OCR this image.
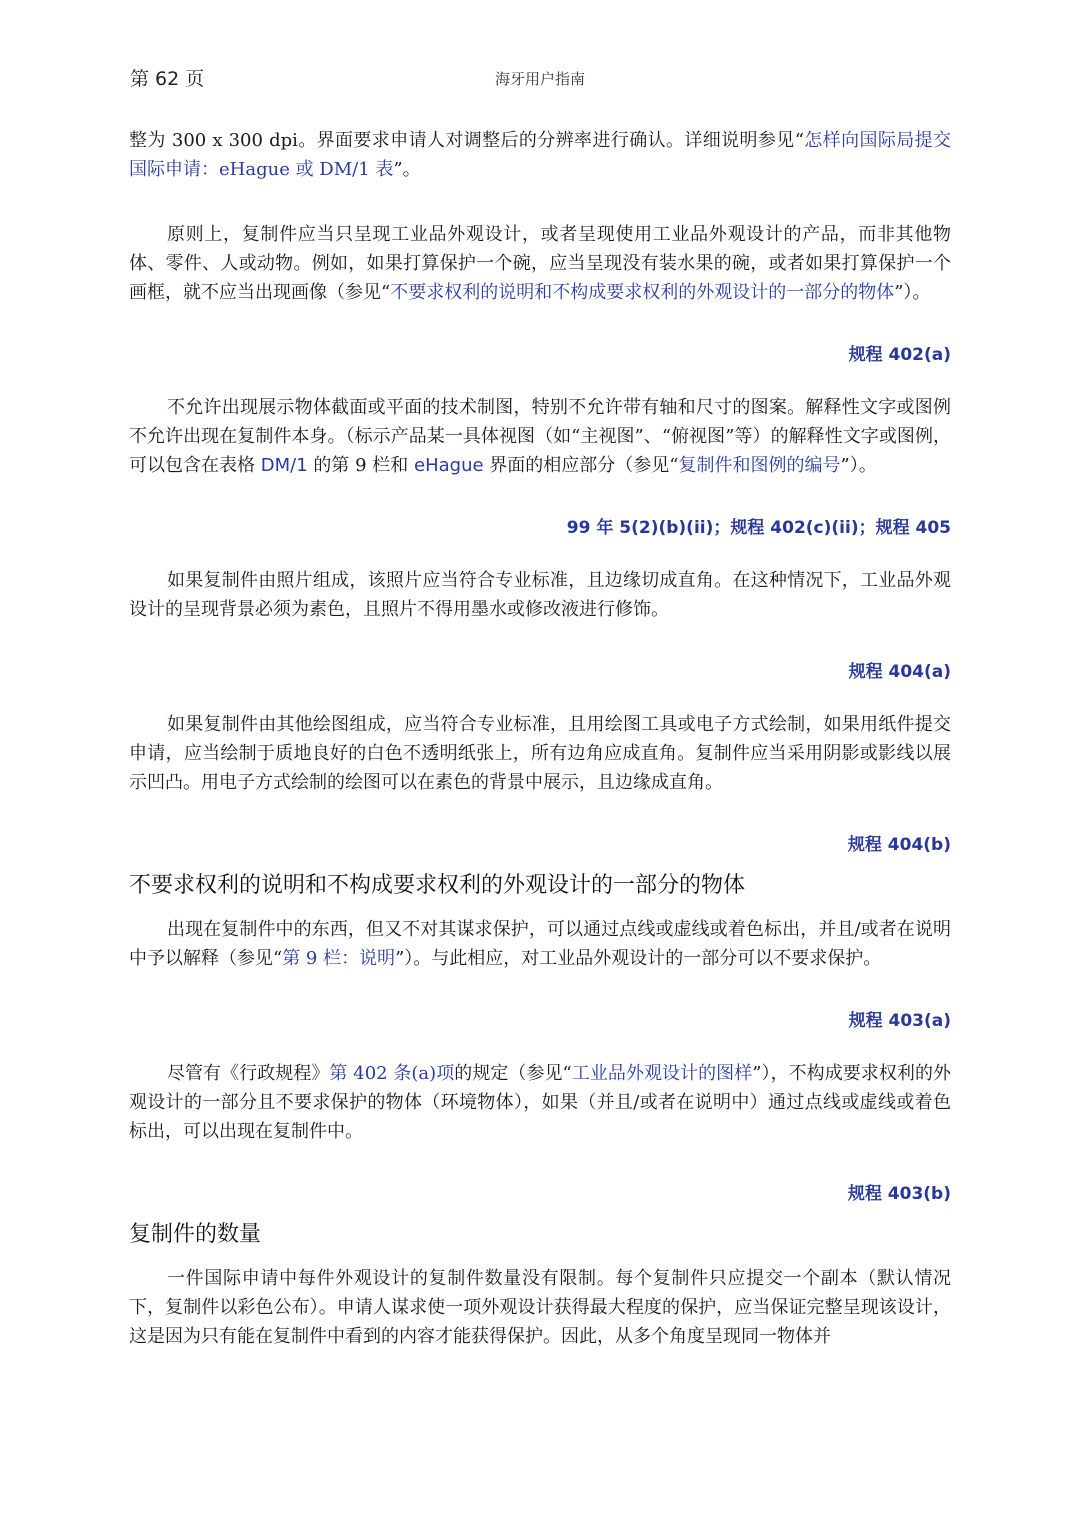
第 62 页	海牙用户指南

整为 300 x 300 dpi。界面要求申请人对调整后的分辨率进行确认。详细说明参见“怎样向国际局提交国际申请：eHague 或 DM/1 表”。

原则上，复制件应当只呈现工业品外观设计，或者呈现使用工业品外观设计的产品，而非其他物体、零件、人或动物。例如，如果打算保护一个碗，应当呈现没有装水果的碗，或者如果打算保护一个画框，就不应当出现画像（参见“不要求权利的说明和不构成要求权利的外观设计的一部分的物体”）。

规程 402(a)

不允许出现展示物体截面或平面的技术制图，特别不允许带有轴和尺寸的图案。解释性文字或图例不允许出现在复制件本身。（标示产品某一具体视图（如“主视图”、“俯视图”等）的解释性文字或图例，可以包含在表格 DM/1 的第 9 栏和 eHague 界面的相应部分（参见“复制件和图例的编号”）。

99 年 5(2)(b)(ii)；规程 402(c)(ii)；规程 405

如果复制件由照片组成，该照片应当符合专业标准，且边缘切成直角。在这种情况下，工业品外观设计的呈现背景必须为素色，且照片不得用墨水或修改液进行修饰。

规程 404(a)

如果复制件由其他绘图组成，应当符合专业标准，且用绘图工具或电子方式绘制，如果用纸件提交申请，应当绘制于质地良好的白色不透明纸张上，所有边角应成直角。复制件应当采用阴影或影线以展示凹凸。用电子方式绘制的绘图可以在素色的背景中展示，且边缘成直角。

规程 404(b)
不要求权利的说明和不构成要求权利的外观设计的一部分的物体

出现在复制件中的东西，但又不对其谋求保护，可以通过点线或虚线或着色标出，并且/或者在说明中予以解释（参见“第 9 栏：说明”）。与此相应，对工业品外观设计的一部分可以不要求保护。

规程 403(a)

尽管有《行政规程》第 402 条(a)项的规定（参见“工业品外观设计的图样”），不构成要求权利的外观设计的一部分且不要求保护的物体（环境物体），如果（并且/或者在说明中）通过点线或虚线或着色标出，可以出现在复制件中。

规程 403(b)
复制件的数量

一件国际申请中每件外观设计的复制件数量没有限制。每个复制件只应提交一个副本（默认情况下，复制件以彩色公布）。申请人谋求使一项外观设计获得最大程度的保护，应当保证完整呈现该设计，这是因为只有能在复制件中看到的内容才能获得保护。因此，从多个角度呈现同一物体并
